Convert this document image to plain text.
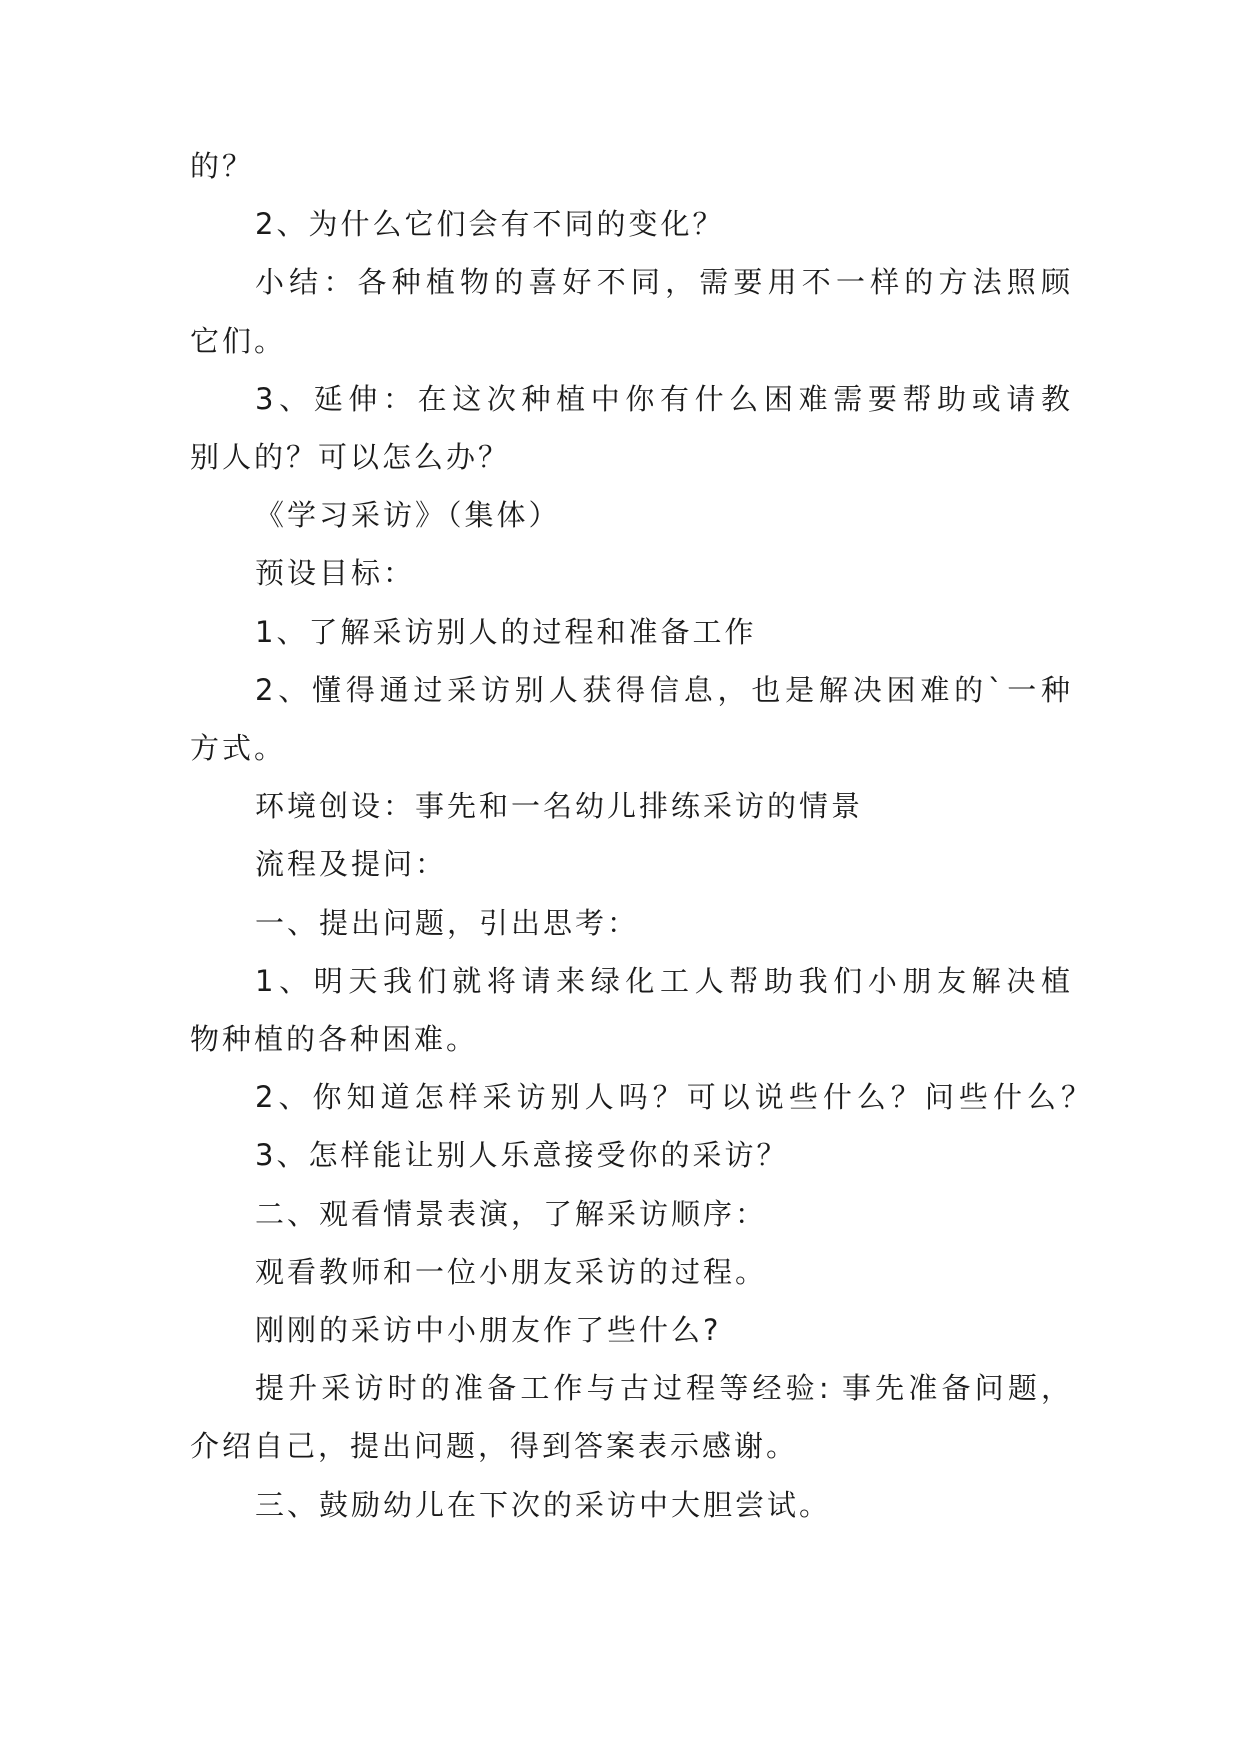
的？
2、为什么它们会有不同的变化？
小结：各种植物的喜好不同，需要用不一样的方法照顾
它们。
3、延伸：在这次种植中你有什么困难需要帮助或请教
别人的？可以怎么办？
《学习采访》（集体）
预设目标：
1、了解采访别人的过程和准备工作
2、懂得通过采访别人获得信息，也是解决困难的`一种
方式。
环境创设：事先和一名幼儿排练采访的情景
流程及提问：
一、提出问题，引出思考：
1、明天我们就将请来绿化工人帮助我们小朋友解决植
物种植的各种困难。
2、你知道怎样采访别人吗？可以说些什么？问些什么？
3、怎样能让别人乐意接受你的采访？
二、观看情景表演，了解采访顺序：
观看教师和一位小朋友采访的过程。
刚刚的采访中小朋友作了些什么?
提升采访时的准备工作与古过程等经验: 事先准备问题，
介绍自己，提出问题，得到答案表示感谢。
三、鼓励幼儿在下次的采访中大胆尝试。
